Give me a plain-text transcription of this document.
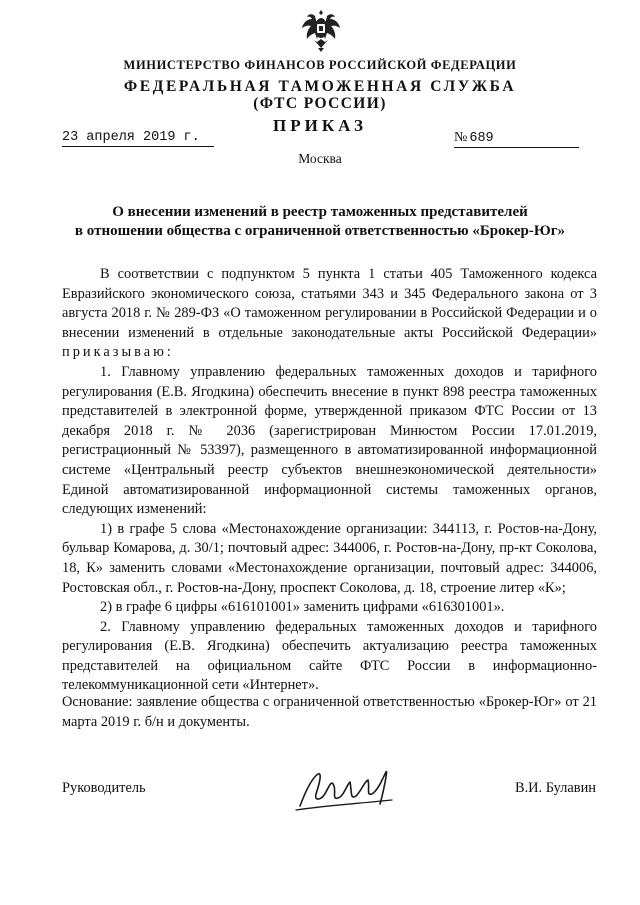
МИНИСТЕРСТВО ФИНАНСОВ РОССИЙСКОЙ ФЕДЕРАЦИИ
ФЕДЕРАЛЬНАЯ ТАМОЖЕННАЯ СЛУЖБА
(ФТС РОССИИ)
ПРИКАЗ
23 апреля 2019 г.	№ 689
Москва
О внесении изменений в реестр таможенных представителей
в отношении общества с ограниченной ответственностью «Брокер-Юг»

В соответствии с подпунктом 5 пункта 1 статьи 405 Таможенного кодекса Евразийского экономического союза, статьями 343 и 345 Федерального закона от 3 августа 2018 г. № 289-ФЗ «О таможенном регулировании в Российской Федерации и о внесении изменений в отдельные законодательные акты Российской Федерации» приказываю:

1. Главному управлению федеральных таможенных доходов и тарифного регулирования (Е.В. Ягодкина) обеспечить внесение в пункт 898 реестра таможенных представителей в электронной форме, утвержденной приказом ФТС России от 13 декабря 2018 г. № 2036 (зарегистрирован Минюстом России 17.01.2019, регистрационный № 53397), размещенного в автоматизированной информационной системе «Центральный реестр субъектов внешнеэкономической деятельности» Единой автоматизированной информационной системы таможенных органов, следующих изменений:

1) в графе 5 слова «Местонахождение организации: 344113, г. Ростов-на-Дону, бульвар Комарова, д. 30/1; почтовый адрес: 344006, г. Ростов-на-Дону, пр-кт Соколова, 18, К» заменить словами «Местонахождение организации, почтовый адрес: 344006, Ростовская обл., г. Ростов-на-Дону, проспект Соколова, д. 18, строение литер «К»;

2) в графе 6 цифры «616101001» заменить цифрами «616301001».

2. Главному управлению федеральных таможенных доходов и тарифного регулирования (Е.В. Ягодкина) обеспечить актуализацию реестра таможенных представителей на официальном сайте ФТС России в информационно-телекоммуникационной сети «Интернет».

Основание: заявление общества с ограниченной ответственностью «Брокер-Юг» от 21 марта 2019 г. б/н и документы.

Руководитель	В.И. Булавин
